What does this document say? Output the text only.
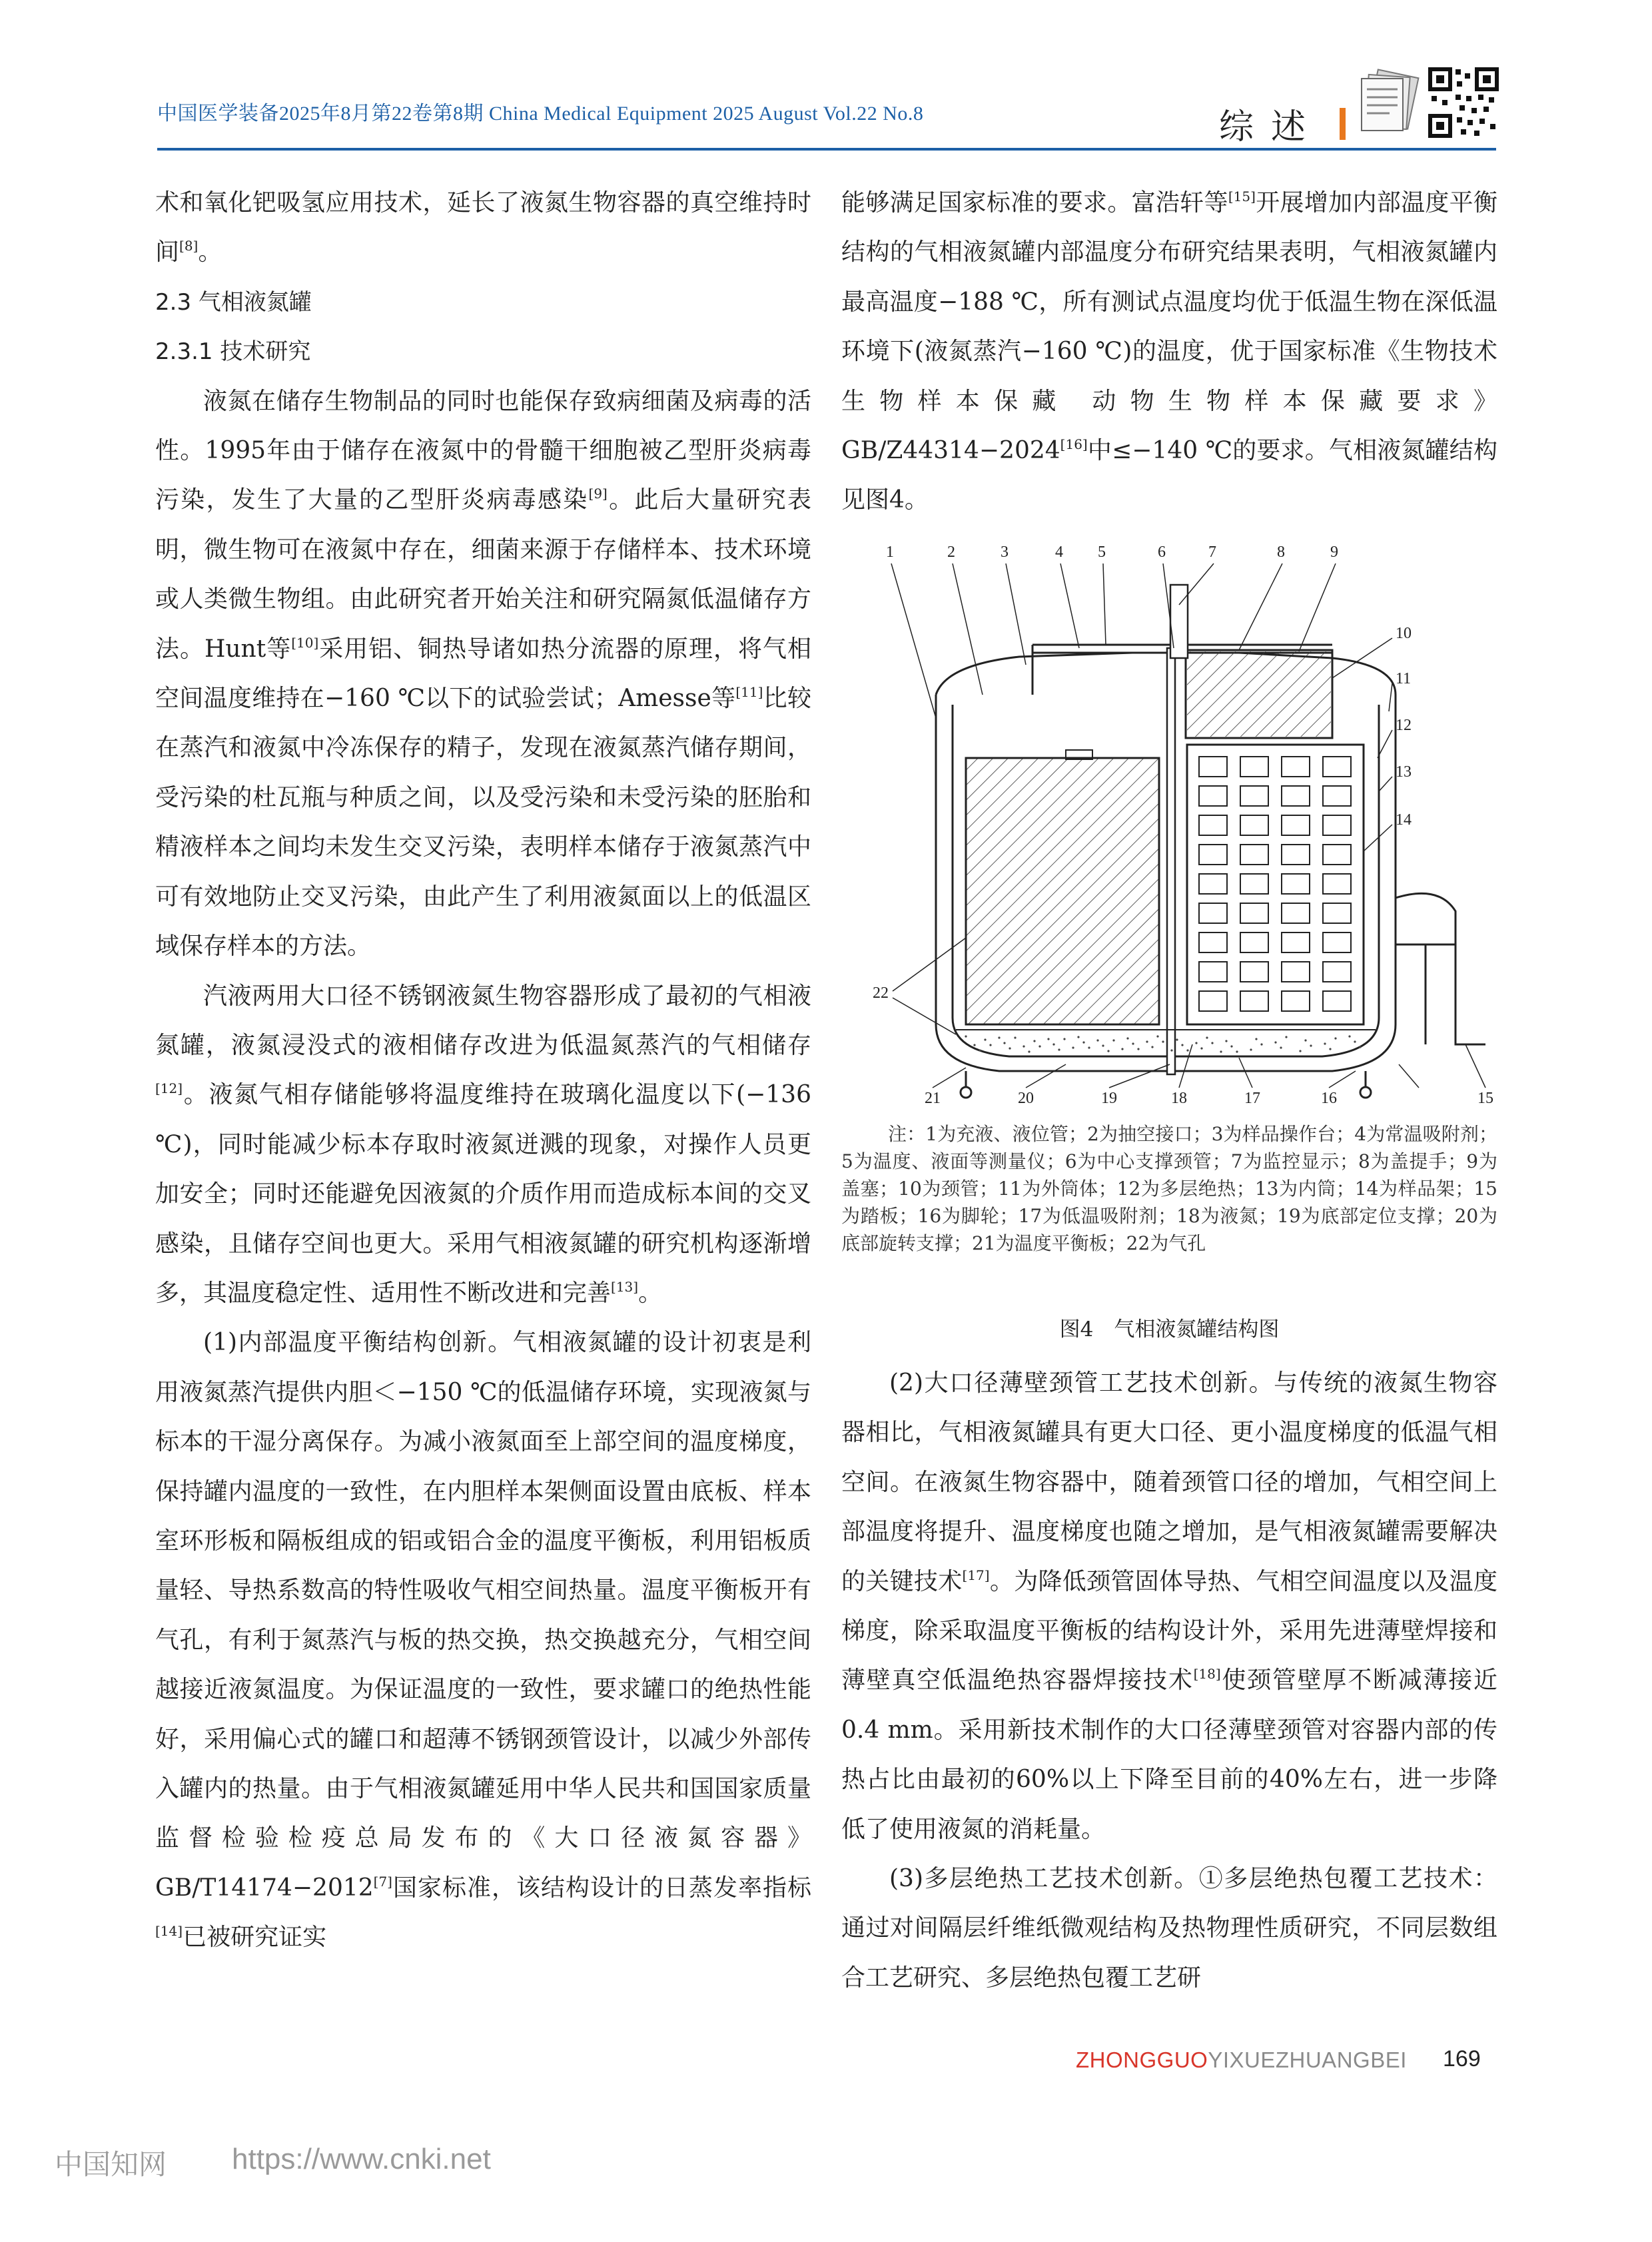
中国医学装备2025年8月第22卷第8期 China Medical Equipment 2025 August Vol.22 No.8	综述

术和氧化钯吸氢应用技术，延长了液氮生物容器的真空维持时间[8]。

2.3 气相液氮罐

2.3.1 技术研究

液氮在储存生物制品的同时也能保存致病细菌及病毒的活性。1995年由于储存在液氮中的骨髓干细胞被乙型肝炎病毒污染，发生了大量的乙型肝炎病毒感染[9]。此后大量研究表明，微生物可在液氮中存在，细菌来源于存储样本、技术环境或人类微生物组。由此研究者开始关注和研究隔氮低温储存方法。Hunt等[10]采用铝、铜热导诸如热分流器的原理，将气相空间温度维持在−160 ℃以下的试验尝试；Amesse等[11]比较在蒸汽和液氮中冷冻保存的精子，发现在液氮蒸汽储存期间，受污染的杜瓦瓶与种质之间，以及受污染和未受污染的胚胎和精液样本之间均未发生交叉污染，表明样本储存于液氮蒸汽中可有效地防止交叉污染，由此产生了利用液氮面以上的低温区域保存样本的方法。

汽液两用大口径不锈钢液氮生物容器形成了最初的气相液氮罐，液氮浸没式的液相储存改进为低温氮蒸汽的气相储存[12]。液氮气相存储能够将温度维持在玻璃化温度以下(−136 ℃)，同时能减少标本存取时液氮迸溅的现象，对操作人员更加安全；同时还能避免因液氮的介质作用而造成标本间的交叉感染，且储存空间也更大。采用气相液氮罐的研究机构逐渐增多，其温度稳定性、适用性不断改进和完善[13]。

(1)内部温度平衡结构创新。气相液氮罐的设计初衷是利用液氮蒸汽提供内胆＜−150 ℃的低温储存环境，实现液氮与标本的干湿分离保存。为减小液氮面至上部空间的温度梯度，保持罐内温度的一致性，在内胆样本架侧面设置由底板、样本室环形板和隔板组成的铝或铝合金的温度平衡板，利用铝板质量轻、导热系数高的特性吸收气相空间热量。温度平衡板开有气孔，有利于氮蒸汽与板的热交换，热交换越充分，气相空间越接近液氮温度。为保证温度的一致性，要求罐口的绝热性能好，采用偏心式的罐口和超薄不锈钢颈管设计，以减少外部传入罐内的热量。由于气相液氮罐延用中华人民共和国国家质量监督检验检疫总局发布的《大口径液氮容器》GB/T14174−2012[7]国家标准，该结构设计的日蒸发率指标[14]已被研究证实

能够满足国家标准的要求。富浩轩等[15]开展增加内部温度平衡结构的气相液氮罐内部温度分布研究结果表明，气相液氮罐内最高温度−188 ℃，所有测试点温度均优于低温生物在深低温环境下(液氮蒸汽−160 ℃)的温度，优于国家标准《生物技术 生物样本保藏 动物生物样本保藏要求》GB/Z44314−2024[16]中≤−140 ℃的要求。气相液氮罐结构见图4。

1	2	3	4 5	6	7	8	9
10
11
12
13
14
22
21	20	19	18	17	16	15

注：1为充液、液位管；2为抽空接口；3为样品操作台；4为常温吸附剂；5为温度、液面等测量仪；6为中心支撑颈管；7为监控显示；8为盖提手；9为盖塞；10为颈管；11为外筒体；12为多层绝热；13为内筒；14为样品架；15为踏板；16为脚轮；17为低温吸附剂；18为液氮；19为底部定位支撑；20为底部旋转支撑；21为温度平衡板；22为气孔

图4　气相液氮罐结构图

(2)大口径薄壁颈管工艺技术创新。与传统的液氮生物容器相比，气相液氮罐具有更大口径、更小温度梯度的低温气相空间。在液氮生物容器中，随着颈管口径的增加，气相空间上部温度将提升、温度梯度也随之增加，是气相液氮罐需要解决的关键技术[17]。为降低颈管固体导热、气相空间温度以及温度梯度，除采取温度平衡板的结构设计外，采用先进薄壁焊接和薄壁真空低温绝热容器焊接技术[18]使颈管壁厚不断减薄接近0.4 mm。采用新技术制作的大口径薄壁颈管对容器内部的传热占比由最初的60%以上下降至目前的40%左右，进一步降低了使用液氮的消耗量。

(3)多层绝热工艺技术创新。①多层绝热包覆工艺技术：通过对间隔层纤维纸微观结构及热物理性质研究，不同层数组合工艺研究、多层绝热包覆工艺研

ZHONGGUOYIXUEZHUANGBEI 169
中国知网 https://www.cnki.net
